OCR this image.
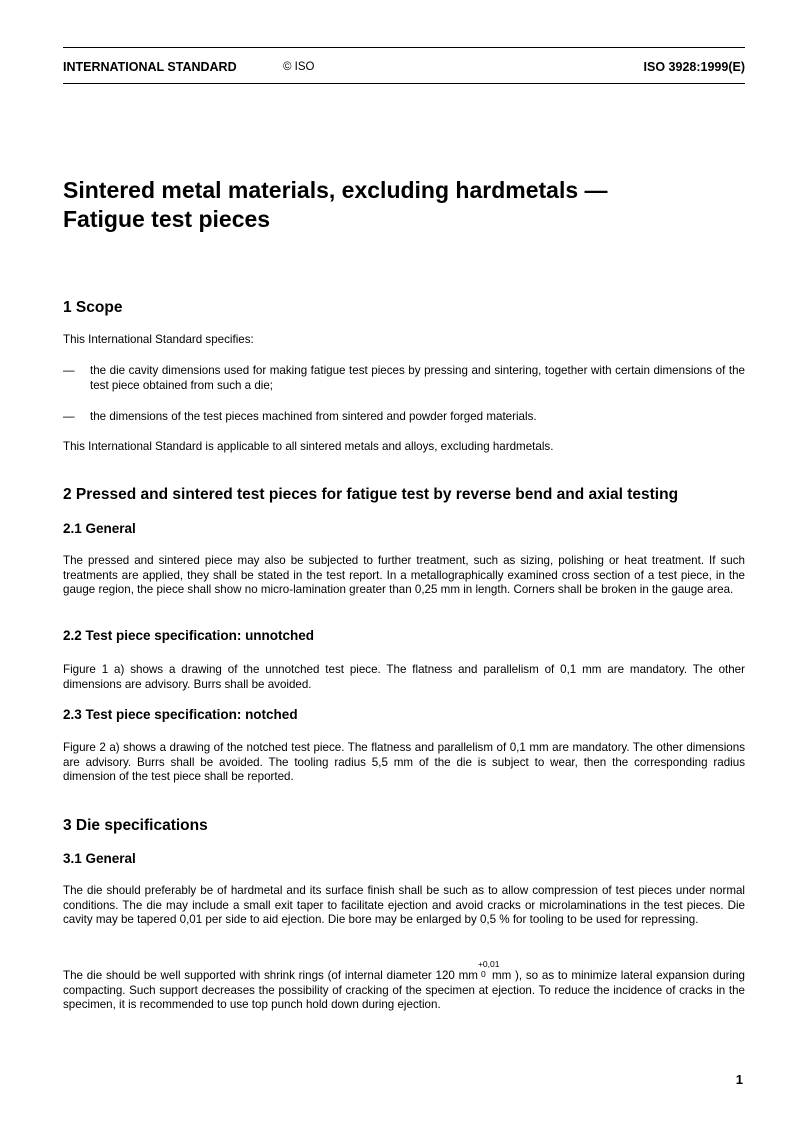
INTERNATIONAL STANDARD	© ISO	ISO 3928:1999(E)
Sintered metal materials, excluding hardmetals —
Fatigue test pieces
1 Scope

This International Standard specifies:

— the die cavity dimensions used for making fatigue test pieces by pressing and sintering, together with certain dimensions of the test piece obtained from such a die;
— the dimensions of the test pieces machined from sintered and powder forged materials.

This International Standard is applicable to all sintered metals and alloys, excluding hardmetals.

2 Pressed and sintered test pieces for fatigue test by reverse bend and axial testing
2.1 General

The pressed and sintered piece may also be subjected to further treatment, such as sizing, polishing or heat treatment. If such treatments are applied, they shall be stated in the test report. In a metallographically examined cross section of a test piece, in the gauge region, the piece shall show no micro-lamination greater than 0,25 mm in length. Corners shall be broken in the gauge area.

2.2 Test piece specification: unnotched

Figure 1 a) shows a drawing of the unnotched test piece. The flatness and parallelism of 0,1 mm are mandatory. The other dimensions are advisory. Burrs shall be avoided.

2.3 Test piece specification: notched

Figure 2 a) shows a drawing of the notched test piece. The flatness and parallelism of 0,1 mm are mandatory. The other dimensions are advisory. Burrs shall be avoided. The tooling radius 5,5 mm of the die is subject to wear, then the corresponding radius dimension of the test piece shall be reported.

3 Die specifications
3.1 General

The die should preferably be of hardmetal and its surface finish shall be such as to allow compression of test pieces under normal conditions. The die may include a small exit taper to facilitate ejection and avoid cracks or microlaminations in the test pieces. Die cavity may be tapered 0,01 per side to aid ejection. Die bore may be enlarged by 0,5 % for tooling to be used for repressing.

The die should be well supported with shrink rings (of internal diameter 120 mm
+0,01
0 mm ), so as to minimize lateral expansion during compacting. Such support decreases the possibility of cracking of the specimen at ejection. To reduce the incidence of cracks in the specimen, it is recommended to use top punch hold down during ejection.

1
